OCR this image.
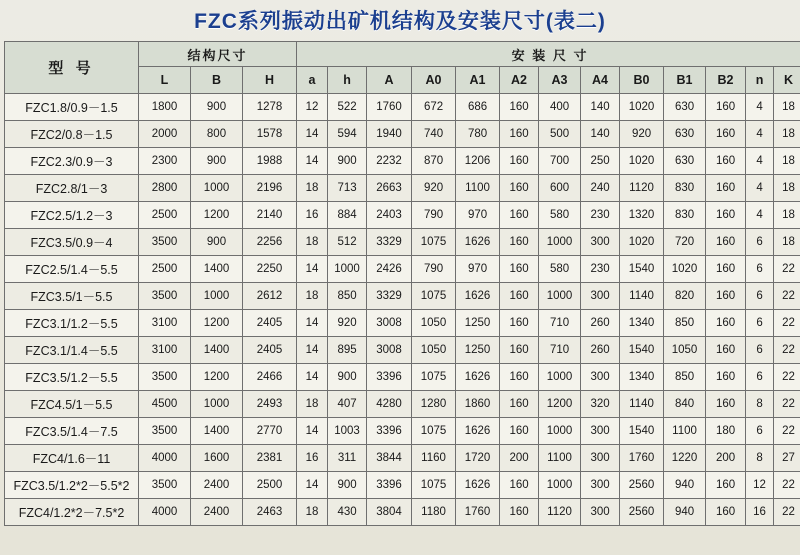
FZC系列振动出矿机结构及安装尺寸(表二)
型 号	结构尺寸			安 装 尺 寸												
	L	B	H	a	h	A	A0	A1	A2	A3	A4	B0	B1	B2	n	K
FZC1.8/0.9－1.5	1800	900	1278	12	522	1760	672	686	160	400	140	1020	630	160	4	18
FZC2/0.8－1.5	2000	800	1578	14	594	1940	740	780	160	500	140	920	630	160	4	18
FZC2.3/0.9－3	2300	900	1988	14	900	2232	870	1206	160	700	250	1020	630	160	4	18
FZC2.8/1－3	2800	1000	2196	18	713	2663	920	1100	160	600	240	1120	830	160	4	18
FZC2.5/1.2－3	2500	1200	2140	16	884	2403	790	970	160	580	230	1320	830	160	4	18
FZC3.5/0.9－4	3500	900	2256	18	512	3329	1075	1626	160	1000	300	1020	720	160	6	18
FZC2.5/1.4－5.5	2500	1400	2250	14	1000	2426	790	970	160	580	230	1540	1020	160	6	22
FZC3.5/1－5.5	3500	1000	2612	18	850	3329	1075	1626	160	1000	300	1140	820	160	6	22
FZC3.1/1.2－5.5	3100	1200	2405	14	920	3008	1050	1250	160	710	260	1340	850	160	6	22
FZC3.1/1.4－5.5	3100	1400	2405	14	895	3008	1050	1250	160	710	260	1540	1050	160	6	22
FZC3.5/1.2－5.5	3500	1200	2466	14	900	3396	1075	1626	160	1000	300	1340	850	160	6	22
FZC4.5/1－5.5	4500	1000	2493	18	407	4280	1280	1860	160	1200	320	1140	840	160	8	22
FZC3.5/1.4－7.5	3500	1400	2770	14	1003	3396	1075	1626	160	1000	300	1540	1100	180	6	22
FZC4/1.6－11	4000	1600	2381	16	311	3844	1160	1720	200	1100	300	1760	1220	200	8	27
FZC3.5/1.2*2－5.5*2	3500	2400	2500	14	900	3396	1075	1626	160	1000	300	2560	940	160	12	22
FZC4/1.2*2－7.5*2	4000	2400	2463	18	430	3804	1180	1760	160	1120	300	2560	940	160	16	22
